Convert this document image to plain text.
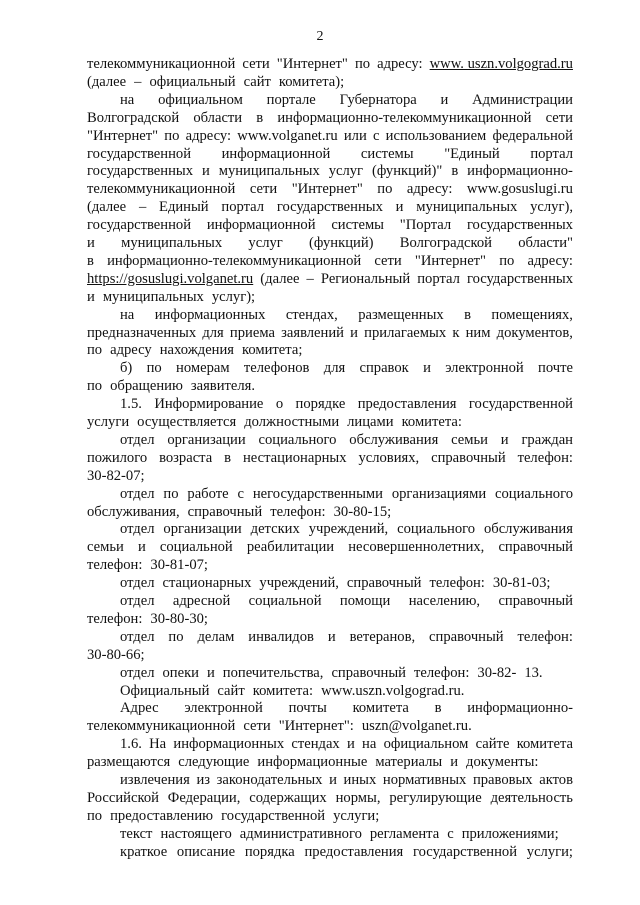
2
телекоммуникационной сети "Интернет" по адресу: www. uszn.volgograd.ru
(далее – официальный сайт комитета);
на официальном портале Губернатора и Администрации
Волгоградской области в информационно-телекоммуникационной сети
"Интернет" по адресу: www.volganet.ru или с использованием федеральной
государственной информационной системы "Единый портал
государственных и муниципальных услуг (функций)" в информационно-
телекоммуникационной сети "Интернет" по адресу: www.gosuslugi.ru
(далее – Единый портал государственных и муниципальных услуг),
государственной информационной системы "Портал государственных
и муниципальных услуг (функций) Волгоградской области"
в информационно-телекоммуникационной сети "Интернет" по адресу:
https://gosuslugi.volganet.ru (далее – Региональный портал государственных
и муниципальных услуг);
на информационных стендах, размещенных в помещениях,
предназначенных для приема заявлений и прилагаемых к ним документов,
по адресу нахождения комитета;
б) по номерам телефонов для справок и электронной почте
по обращению заявителя.
1.5. Информирование о порядке предоставления государственной
услуги осуществляется должностными лицами комитета:
отдел организации социального обслуживания семьи и граждан
пожилого возраста в нестационарных условиях, справочный телефон:
30-82-07;
отдел по работе с негосударственными организациями социального
обслуживания, справочный телефон: 30-80-15;
отдел организации детских учреждений, социального обслуживания
семьи и социальной реабилитации несовершеннолетних, справочный
телефон: 30-81-07;
отдел стационарных учреждений, справочный телефон: 30-81-03;
отдел адресной социальной помощи населению, справочный
телефон: 30-80-30;
отдел по делам инвалидов и ветеранов, справочный телефон:
30-80-66;
отдел опеки и попечительства, справочный телефон: 30-82- 13.
Официальный сайт комитета: www.uszn.volgograd.ru.
Адрес электронной почты комитета в информационно-
телекоммуникационной сети "Интернет": uszn@volganet.ru.
1.6. На информационных стендах и на официальном сайте комитета
размещаются следующие информационные материалы и документы:
извлечения из законодательных и иных нормативных правовых актов
Российской Федерации, содержащих нормы, регулирующие деятельность
по предоставлению государственной услуги;
текст настоящего административного регламента с приложениями;
краткое описание порядка предоставления государственной услуги;
